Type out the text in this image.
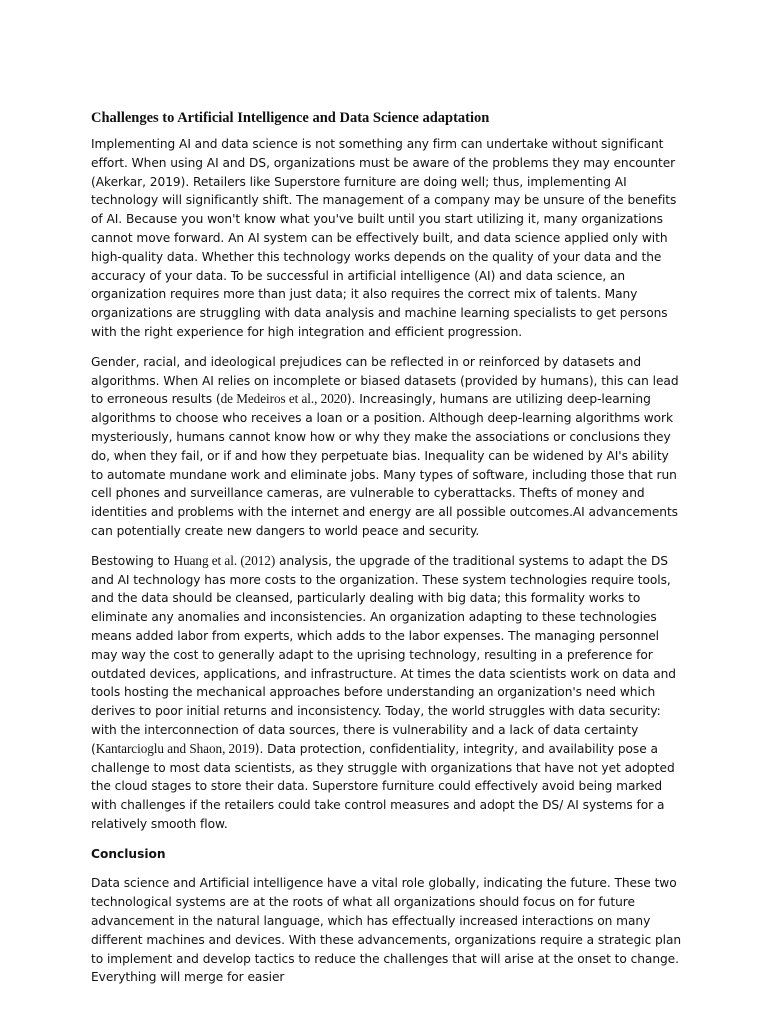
Challenges to Artificial Intelligence and Data Science adaptation

Implementing AI and data science is not something any firm can undertake without significant effort. When using AI and DS, organizations must be aware of the problems they may encounter (Akerkar, 2019). Retailers like Superstore furniture are doing well; thus, implementing AI technology will significantly shift. The management of a company may be unsure of the benefits of AI. Because you won't know what you've built until you start utilizing it, many organizations cannot move forward. An AI system can be effectively built, and data science applied only with high-quality data. Whether this technology works depends on the quality of your data and the accuracy of your data. To be successful in artificial intelligence (AI) and data science, an organization requires more than just data; it also requires the correct mix of talents. Many organizations are struggling with data analysis and machine learning specialists to get persons with the right experience for high integration and efficient progression.

Gender, racial, and ideological prejudices can be reflected in or reinforced by datasets and algorithms. When AI relies on incomplete or biased datasets (provided by humans), this can lead to erroneous results (de Medeiros et al., 2020). Increasingly, humans are utilizing deep-learning algorithms to choose who receives a loan or a position. Although deep-learning algorithms work mysteriously, humans cannot know how or why they make the associations or conclusions they do, when they fail, or if and how they perpetuate bias. Inequality can be widened by AI's ability to automate mundane work and eliminate jobs. Many types of software, including those that run cell phones and surveillance cameras, are vulnerable to cyberattacks. Thefts of money and identities and problems with the internet and energy are all possible outcomes.AI advancements can potentially create new dangers to world peace and security.

Bestowing to Huang et al. (2012) analysis, the upgrade of the traditional systems to adapt the DS and AI technology has more costs to the organization. These system technologies require tools, and the data should be cleansed, particularly dealing with big data; this formality works to eliminate any anomalies and inconsistencies. An organization adapting to these technologies means added labor from experts, which adds to the labor expenses. The managing personnel may way the cost to generally adapt to the uprising technology, resulting in a preference for outdated devices, applications, and infrastructure. At times the data scientists work on data and tools hosting the mechanical approaches before understanding an organization's need which derives to poor initial returns and inconsistency. Today, the world struggles with data security: with the interconnection of data sources, there is vulnerability and a lack of data certainty (Kantarcioglu and Shaon, 2019). Data protection, confidentiality, integrity, and availability pose a challenge to most data scientists, as they struggle with organizations that have not yet adopted the cloud stages to store their data. Superstore furniture could effectively avoid being marked with challenges if the retailers could take control measures and adopt the DS/ AI systems for a relatively smooth flow.

Conclusion

Data science and Artificial intelligence have a vital role globally, indicating the future. These two technological systems are at the roots of what all organizations should focus on for future advancement in the natural language, which has effectually increased interactions on many different machines and devices. With these advancements, organizations require a strategic plan to implement and develop tactics to reduce the challenges that will arise at the onset to change. Everything will merge for easier
